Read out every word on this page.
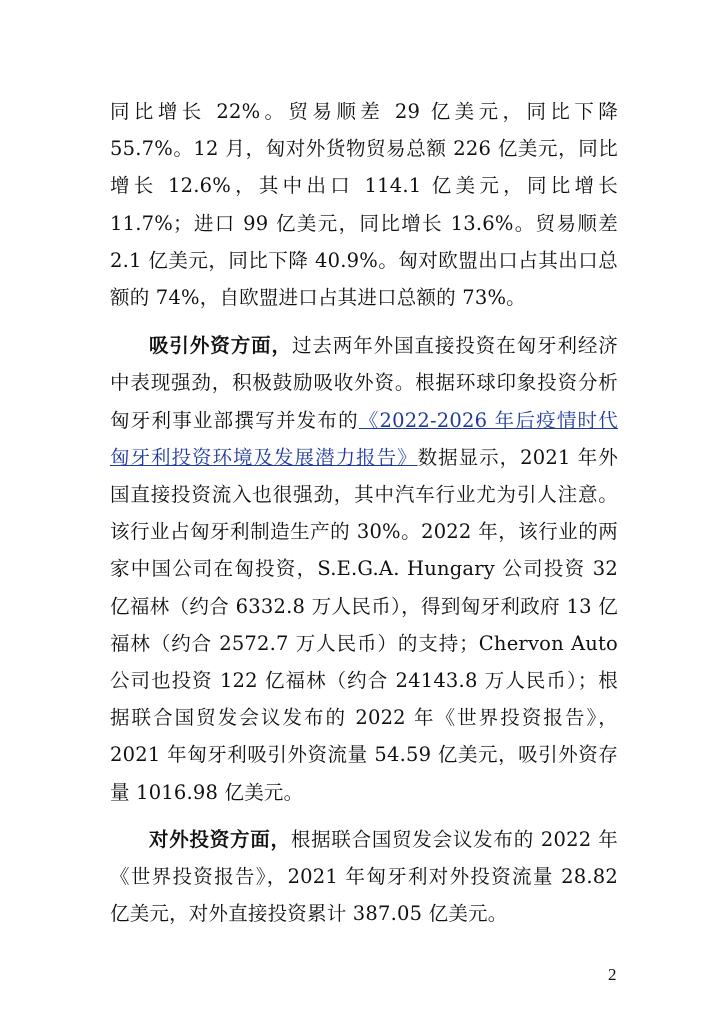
同比增长 22%。贸易顺差 29 亿美元，同比下降 55.7%。12 月，匈对外货物贸易总额 226 亿美元，同比增长 12.6%，其中出口 114.1 亿美元，同比增长 11.7%；进口 99 亿美元，同比增长 13.6%。贸易顺差 2.1 亿美元，同比下降 40.9%。匈对欧盟出口占其出口总额的 74%，自欧盟进口占其进口总额的 73%。

吸引外资方面，过去两年外国直接投资在匈牙利经济中表现强劲，积极鼓励吸收外资。根据环球印象投资分析匈牙利事业部撰写并发布的《2022-2026 年后疫情时代匈牙利投资环境及发展潜力报告》数据显示，2021 年外国直接投资流入也很强劲，其中汽车行业尤为引人注意。该行业占匈牙利制造生产的 30%。2022 年，该行业的两家中国公司在匈投资，S.E.G.A. Hungary 公司投资 32 亿福林（约合 6332.8 万人民币），得到匈牙利政府 13 亿福林（约合 2572.7 万人民币）的支持；Chervon Auto 公司也投资 122 亿福林（约合 24143.8 万人民币）；根据联合国贸发会议发布的 2022 年《世界投资报告》，2021 年匈牙利吸引外资流量 54.59 亿美元，吸引外资存量 1016.98 亿美元。

对外投资方面，根据联合国贸发会议发布的 2022 年《世界投资报告》，2021 年匈牙利对外投资流量 28.82 亿美元，对外直接投资累计 387.05 亿美元。

2
